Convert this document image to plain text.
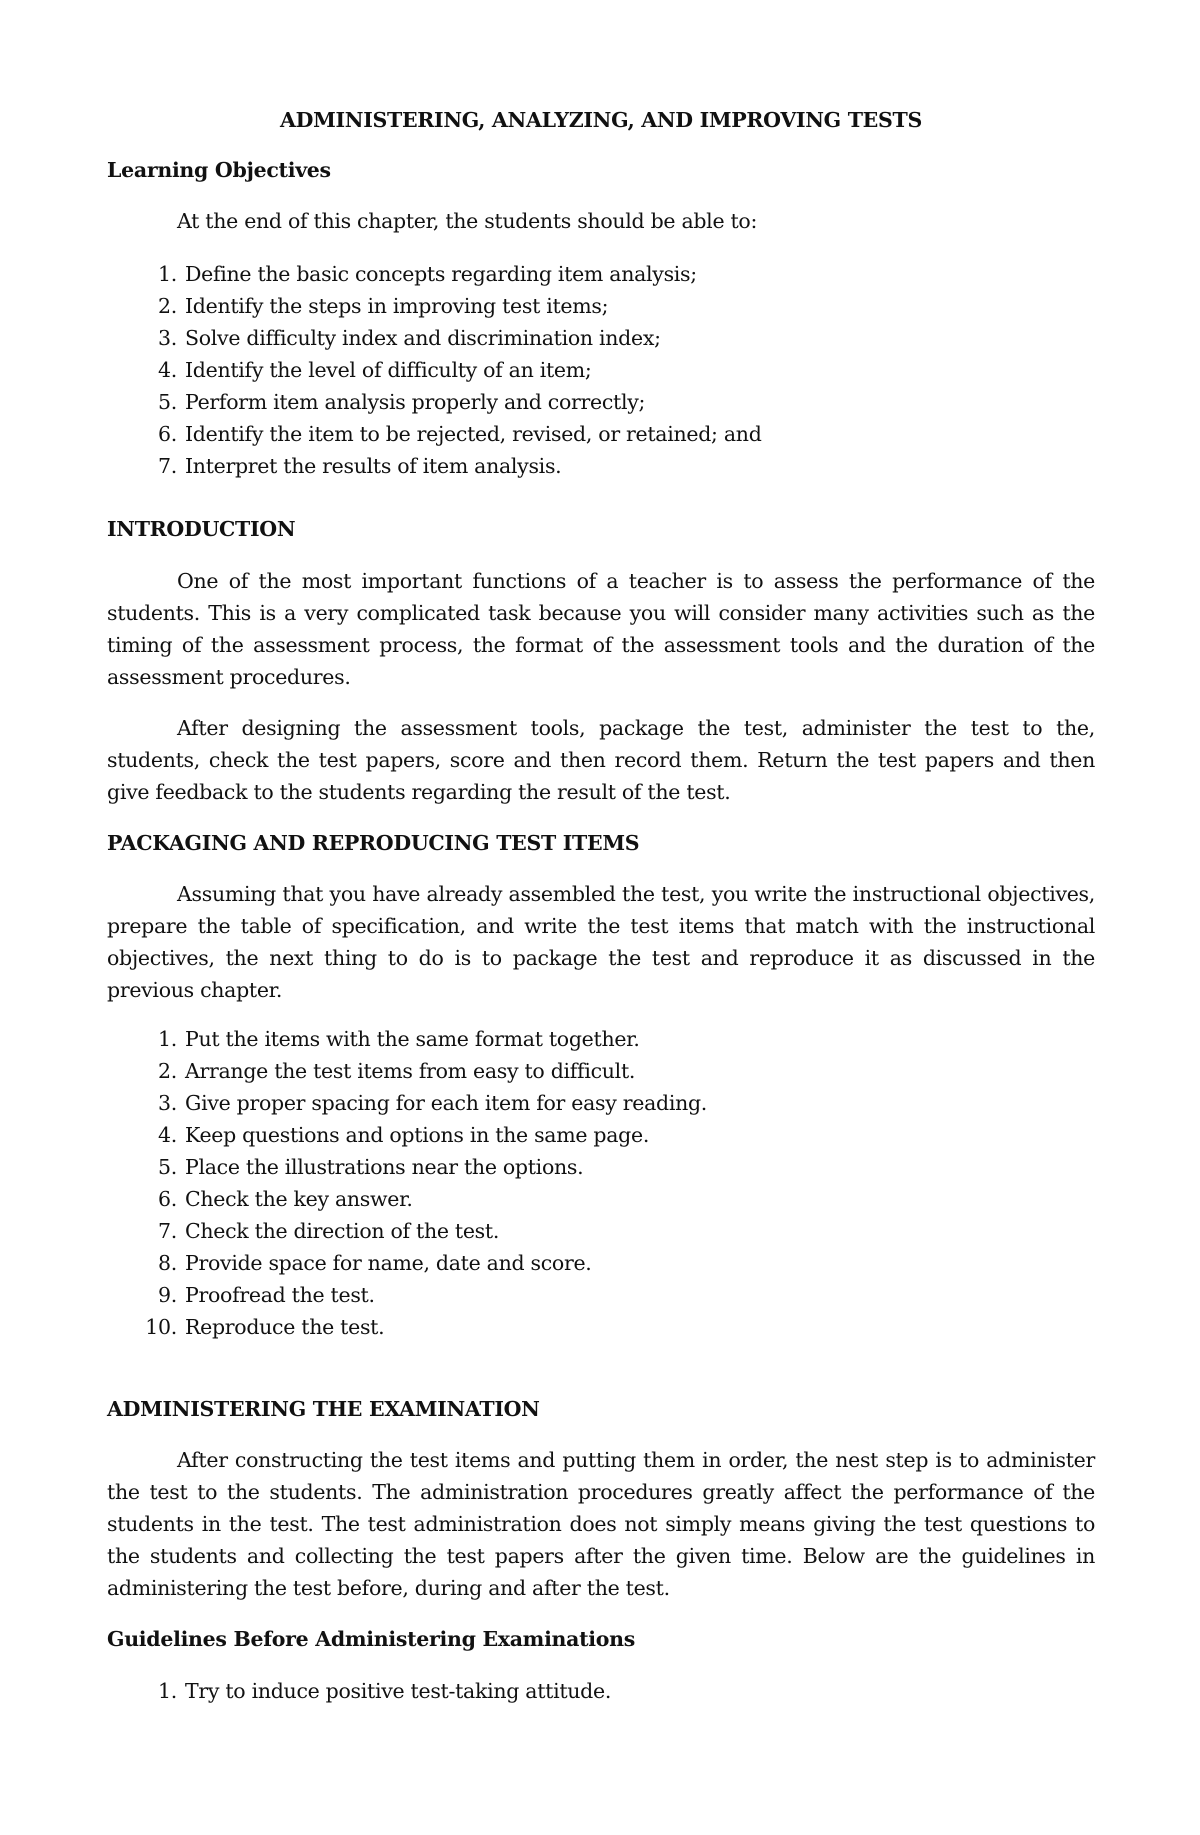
ADMINISTERING, ANALYZING, AND IMPROVING TESTS
Learning Objectives

At the end of this chapter, the students should be able to:

1. Define the basic concepts regarding item analysis;
2. Identify the steps in improving test items;
3. Solve difficulty index and discrimination index;
4. Identify the level of difficulty of an item;
5. Perform item analysis properly and correctly;
6. Identify the item to be rejected, revised, or retained; and
7. Interpret the results of item analysis.
INTRODUCTION

One of the most important functions of a teacher is to assess the performance of the students. This is a very complicated task because you will consider many activities such as the timing of the assessment process, the format of the assessment tools and the duration of the assessment procedures.

After designing the assessment tools, package the test, administer the test to the, students, check the test papers, score and then record them. Return the test papers and then give feedback to the students regarding the result of the test.

PACKAGING AND REPRODUCING TEST ITEMS

Assuming that you have already assembled the test, you write the instructional objectives, prepare the table of specification, and write the test items that match with the instructional objectives, the next thing to do is to package the test and reproduce it as discussed in the previous chapter.

1. Put the items with the same format together.
2. Arrange the test items from easy to difficult.
3. Give proper spacing for each item for easy reading.
4. Keep questions and options in the same page.
5. Place the illustrations near the options.
6. Check the key answer.
7. Check the direction of the test.
8. Provide space for name, date and score.
9. Proofread the test.
10. Reproduce the test.
ADMINISTERING THE EXAMINATION

After constructing the test items and putting them in order, the nest step is to administer the test to the students. The administration procedures greatly affect the performance of the students in the test. The test administration does not simply means giving the test questions to the students and collecting the test papers after the given time. Below are the guidelines in administering the test before, during and after the test.

Guidelines Before Administering Examinations
1. Try to induce positive test-taking attitude.
